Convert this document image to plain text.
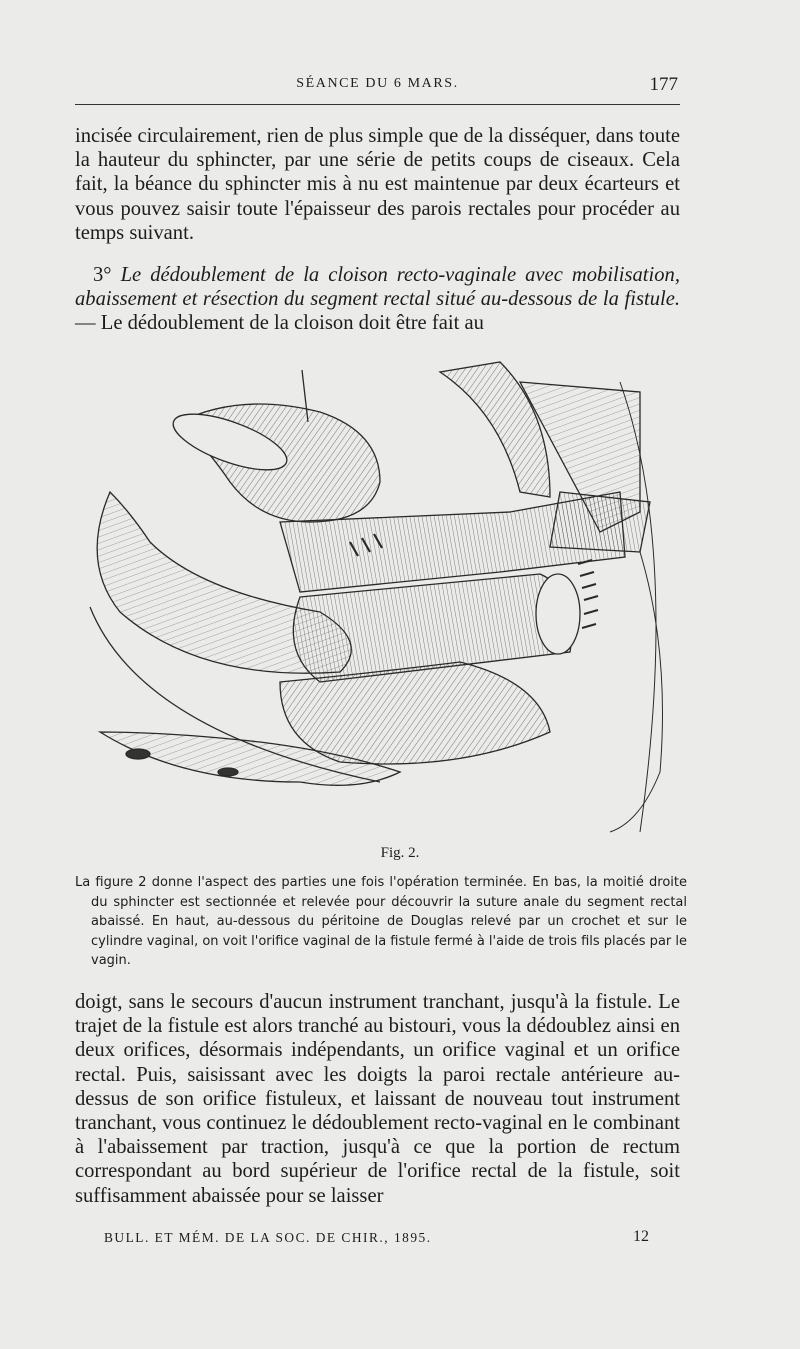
SÉANCE DU 6 MARS.	177

incisée circulairement, rien de plus simple que de la disséquer, dans toute la hauteur du sphincter, par une série de petits coups de ciseaux. Cela fait, la béance du sphincter mis à nu est maintenue par deux écarteurs et vous pouvez saisir toute l'épaisseur des parois rectales pour procéder au temps suivant.

3° Le dédoublement de la cloison recto-vaginale avec mobilisation, abaissement et résection du segment rectal situé au-dessous de la fistule. — Le dédoublement de la cloison doit être fait au

Fig. 2.

La figure 2 donne l'aspect des parties une fois l'opération terminée. En bas, la moitié droite du sphincter est sectionnée et relevée pour découvrir la suture anale du segment rectal abaissé. En haut, au-dessous du péritoine de Douglas relevé par un crochet et sur le cylindre vaginal, on voit l'orifice vaginal de la fistule fermé à l'aide de trois fils placés par le vagin.

doigt, sans le secours d'aucun instrument tranchant, jusqu'à la fistule. Le trajet de la fistule est alors tranché au bistouri, vous la dédoublez ainsi en deux orifices, désormais indépendants, un orifice vaginal et un orifice rectal. Puis, saisissant avec les doigts la paroi rectale antérieure au-dessus de son orifice fistuleux, et laissant de nouveau tout instrument tranchant, vous continuez le dédoublement recto-vaginal en le combinant à l'abaissement par traction, jusqu'à ce que la portion de rectum correspondant au bord supérieur de l'orifice rectal de la fistule, soit suffisamment abaissée pour se laisser

BULL. ET MÉM. DE LA SOC. DE CHIR., 1895.	12
